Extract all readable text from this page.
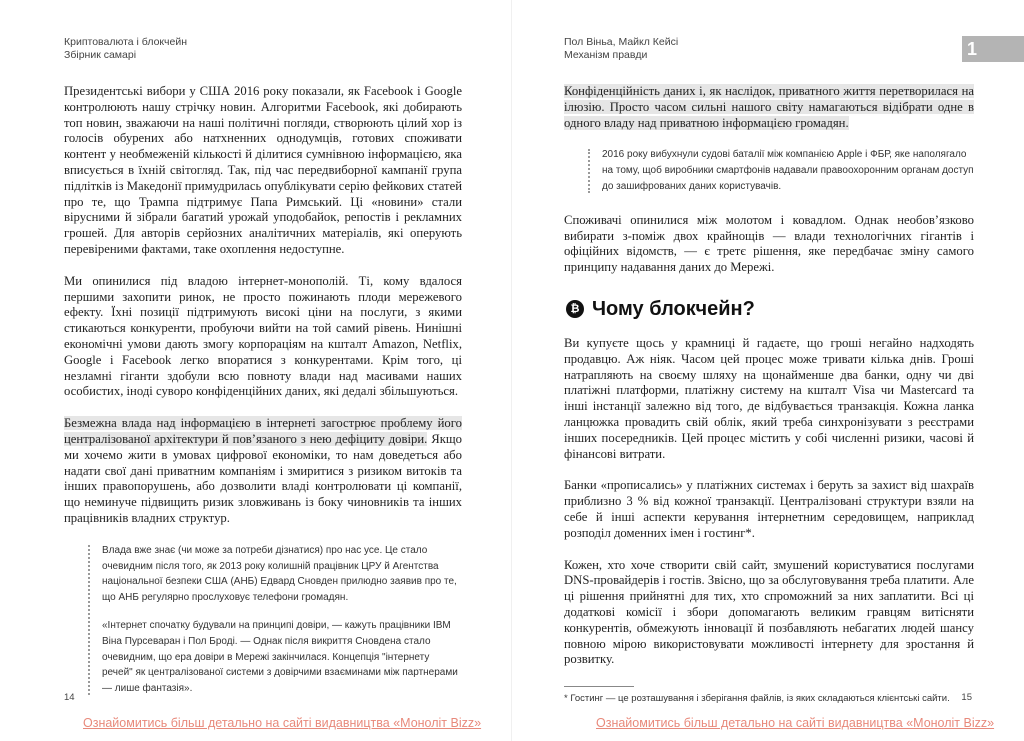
Криптовалюта і блокчейн
Збірник самарі

Президентські вибори у США 2016 року показали, як Facebook і Google контролюють нашу стрічку новин. Алгоритми Facebook, які добирають топ новин, зважаючи на наші політичні погляди, створюють цілий хор із голосів обурених або натхненних однодумців, готових споживати контент у необмеженій кількості й ділитися сумнівною інформацією, яка вписується в їхній світогляд. Так, під час передвиборної кампанії група підлітків із Македонії примудрилась опублікувати серію фейкових статей про те, що Трампа підтримує Папа Римський. Ці «новини» стали вірусними й зібрали багатий урожай уподобайок, репостів і рекламних грошей. Для авторів серйозних аналітичних матеріалів, які оперують перевіреними фактами, таке охоплення недоступне.

Ми опинилися під владою інтернет-монополій. Ті, кому вдалося першими захопити ринок, не просто пожинають плоди мережевого ефекту. Їхні позиції підтримують високі ціни на послуги, з якими стикаються конкуренти, пробуючи вийти на той самий рівень. Нинішні економічні умови дають змогу корпораціям на кшталт Amazon, Netflix, Google і Facebook легко впоратися з конкурентами. Крім того, ці незламні гіганти здобули всю повноту влади над масивами наших особистих, іноді суворо конфіденційних даних, які дедалі збільшуються.

Безмежна влада над інформацією в інтернеті загострює проблему його централізованої архітектури й пов’язаного з нею дефіциту довіри. Якщо ми хочемо жити в умовах цифрової економіки, то нам доведеться або надати свої дані приватним компаніям і змиритися з ризиком витоків та інших правопорушень, або дозволити владі контролювати ці компанії, що неминуче підвищить ризик зловживань із боку чиновників та інших працівників владних структур.

Влада вже знає (чи може за потреби дізнатися) про нас усе. Це стало очевидним після того, як 2013 року колишній працівник ЦРУ й Агентства національної безпеки США (АНБ) Едвард Сновден прилюдно заявив про те, що АНБ регулярно прослуховує телефони громадян.

«Інтернет спочатку будували на принципі довіри, — кажуть працівники IBM Віна Пурсеваран і Пол Броді. — Однак після викриття Сновдена стало очевидним, що ера довіри в Мережі закінчилася. Концепція "інтернету речей" як централізованої системи з довірчими взаєминами між партнерами — лише фантазія».

14
Ознайомитись більш детально на сайті видавництва «Моноліт Bizz»
Пол Віньа, Майкл Кейсі
Механізм правди	1

Конфіденційність даних і, як наслідок, приватного життя перетворилася на ілюзію. Просто часом сильні нашого світу намагаються відібрати одне в одного владу над приватною інформацією громадян.

2016 року вибухнули судові баталії між компанією Apple і ФБР, яке наполягало на тому, щоб виробники смартфонів надавали правоохоронним органам доступ до зашифрованих даних користувачів.

Споживачі опинилися між молотом і ковадлом. Однак необов’язково вибирати з-поміж двох крайнощів — влади технологічних гігантів і офіційних відомств, — є третє рішення, яке передбачає зміну самого принципу надавання даних до Мережі.

₿ Чому блокчейн?

Ви купуєте щось у крамниці й гадаєте, що гроші негайно надходять продавцю. Аж ніяк. Часом цей процес може тривати кілька днів. Гроші натрапляють на своєму шляху на щонайменше два банки, одну чи дві платіжні платформи, платіжну систему на кшталт Visa чи Mastercard та інші інстанції залежно від того, де відбувається транзакція. Кожна ланка ланцюжка провадить свій облік, який треба синхронізувати з реєстрами інших посередників. Цей процес містить у собі численні ризики, часові й фінансові витрати.

Банки «прописались» у платіжних системах і беруть за захист від шахраїв приблизно 3 % від кожної транзакції. Централізовані структури взяли на себе й інші аспекти керування інтернетним середовищем, наприклад розподіл доменних імен і гостинг*.

Кожен, хто хоче створити свій сайт, змушений користуватися послугами DNS-провайдерів і гостів. Звісно, що за обслуговування треба платити. Але ці рішення прийнятні для тих, хто спроможний за них заплатити. Всі ці додаткові комісії і збори допомагають великим гравцям витісняти конкурентів, обмежують інновації й позбавляють небагатих людей шансу повною мірою використовувати можливості інтернету для зростання й розвитку.

* Гостинг — це розташування і зберігання файлів, із яких складаються клієнтські сайти.	15
Ознайомитись більш детально на сайті видавництва «Моноліт Bizz»
